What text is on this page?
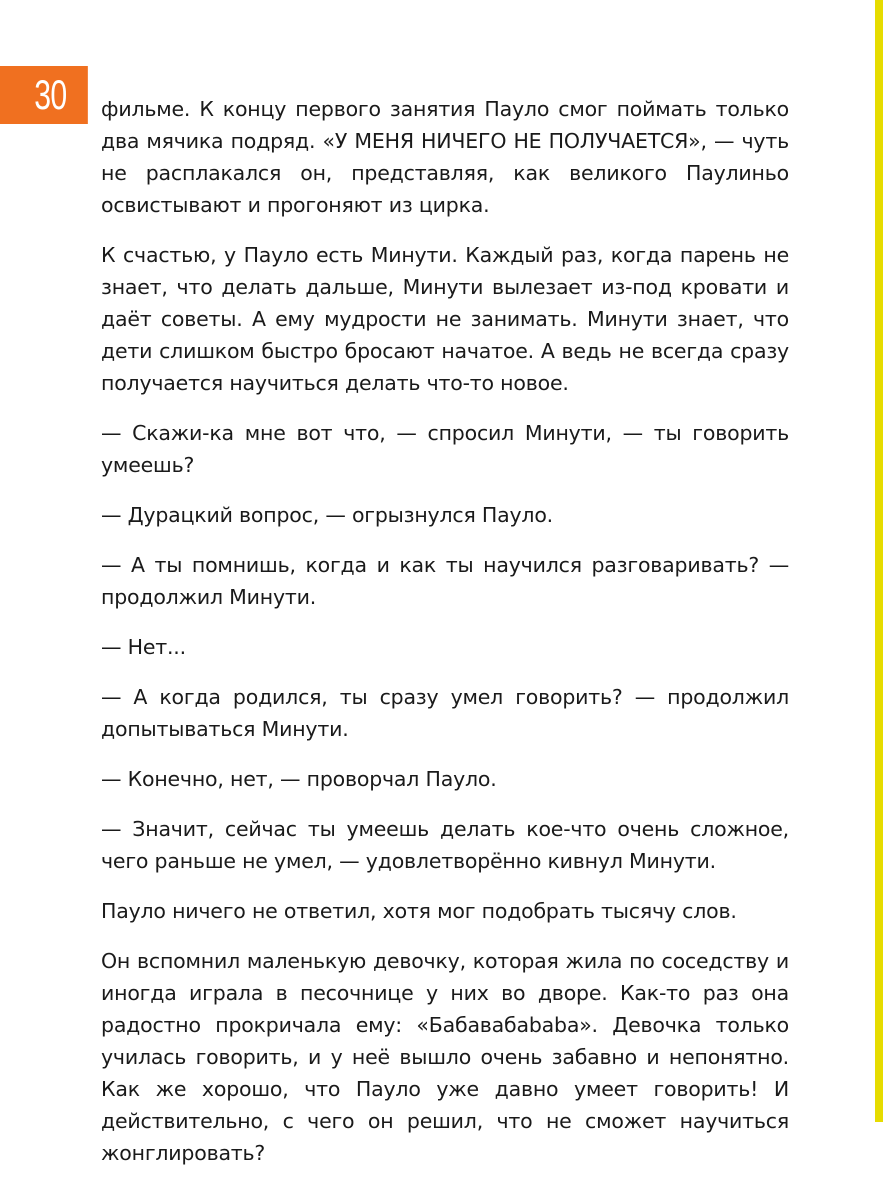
30	фильме. К концу первого занятия Пауло смог поймать только два мячика подряд. «У МЕНЯ НИЧЕГО НЕ ПОЛУЧАЕТСЯ», — чуть не расплакался он, представляя, как великого Паулиньо освистывают и прогоняют из цирка.

К счастью, у Пауло есть Минути. Каждый раз, когда парень не знает, что делать дальше, Минути вылезает из-под кровати и даёт советы. А ему мудрости не занимать. Минути знает, что дети слишком быстро бросают начатое. А ведь не всегда сразу получается научиться делать что-то новое.

— Скажи-ка мне вот что, — спросил Минути, — ты говорить умеешь?

— Дурацкий вопрос, — огрызнулся Пауло.

— А ты помнишь, когда и как ты научился разговаривать? — продолжил Минути.

— Нет...

— А когда родился, ты сразу умел говорить? — продолжил допытываться Минути.

— Конечно, нет, — проворчал Пауло.

— Значит, сейчас ты умеешь делать кое-что очень сложное, чего раньше не умел, — удовлетворённо кивнул Минути.

Пауло ничего не ответил, хотя мог подобрать тысячу слов.

Он вспомнил маленькую девочку, которая жила по соседству и иногда играла в песочнице у них во дворе. Как-то раз она радостно прокричала ему: «Бабавабababa». Девочка только училась говорить, и у неё вышло очень забавно и непонятно. Как же хорошо, что Пауло уже давно умеет говорить! И действительно, с чего он решил, что не сможет научиться жонглировать?
